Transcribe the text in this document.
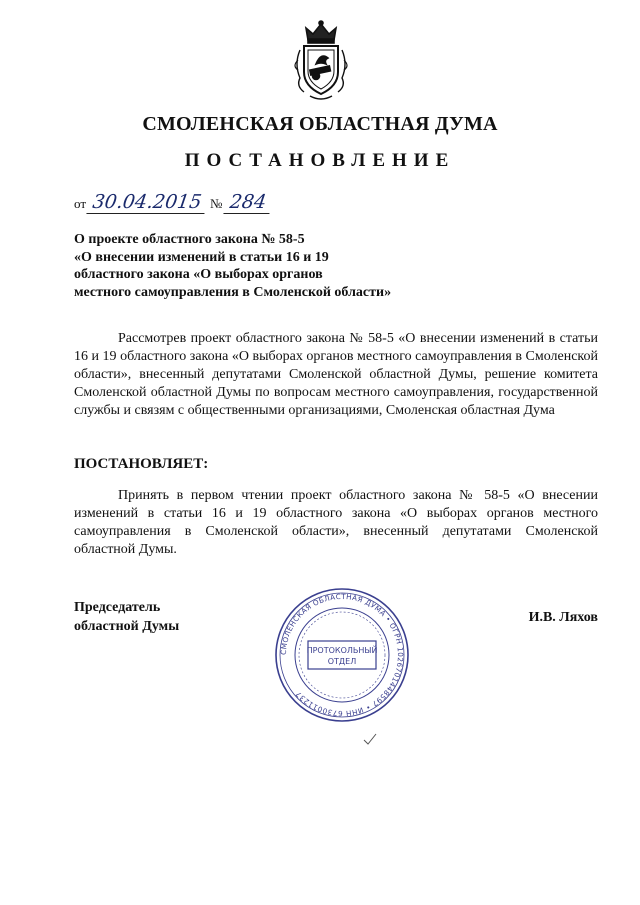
СМОЛЕНСКАЯ ОБЛАСТНАЯ ДУМА
ПОСТАНОВЛЕНИЕ
от 30.04.2015 № 284
О проекте областного закона № 58-5
«О внесении изменений в статьи 16 и 19
областного закона «О выборах органов
местного самоуправления в Смоленской области»

Рассмотрев проект областного закона № 58-5 «О внесении изменений в статьи 16 и 19 областного закона «О выборах органов местного самоуправления в Смоленской области», внесенный депутатами Смоленской областной Думы, решение комитета Смоленской областной Думы по вопросам местного самоуправления, государственной службы и связям с общественными организациями, Смоленская областная Дума

ПОСТАНОВЛЯЕТ:

Принять в первом чтении проект областного закона № 58-5 «О внесении изменений в статьи 16 и 19 областного закона «О выборах органов местного самоуправления в Смоленской области», внесенный депутатами Смоленской областной Думы.

Председатель
областной Думы
СМОЛЕНСКАЯ ОБЛАСТНАЯ ДУМА • ОГРН 1026701448597 • ИНН 6730011237
ПРОТОКОЛЬНЫЙ
ОТДЕЛ
И.В. Ляхов
